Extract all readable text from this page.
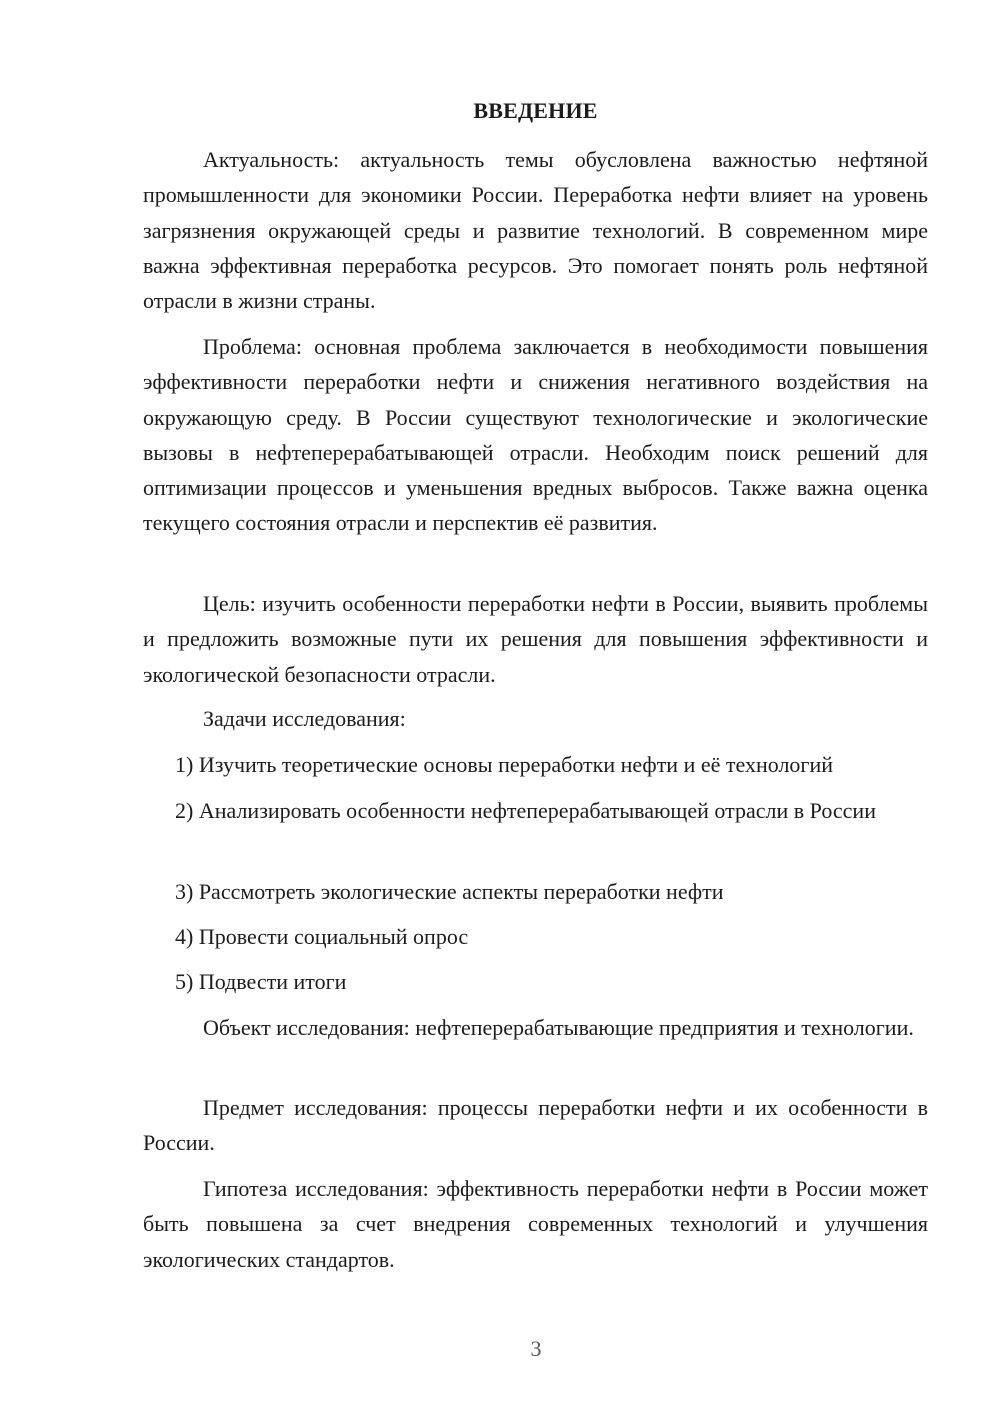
ВВЕДЕНИЕ

Актуальность: актуальность темы обусловлена важностью нефтяной промышленности для экономики России. Переработка нефти влияет на уровень загрязнения окружающей среды и развитие технологий. В современном мире важна эффективная переработка ресурсов. Это помогает понять роль нефтяной отрасли в жизни страны.

Проблема: основная проблема заключается в необходимости повышения эффективности переработки нефти и снижения негативного воздействия на окружающую среду. В России существуют технологические и экологические вызовы в нефтеперерабатывающей отрасли. Необходим поиск решений для оптимизации процессов и уменьшения вредных выбросов. Также важна оценка текущего состояния отрасли и перспектив её развития.

Цель: изучить особенности переработки нефти в России, выявить проблемы и предложить возможные пути их решения для повышения эффективности и экологической безопасности отрасли.

Задачи исследования:

1) Изучить теоретические основы переработки нефти и её технологий

2) Анализировать особенности нефтеперерабатывающей отрасли в России

3) Рассмотреть экологические аспекты переработки нефти

4) Провести социальный опрос

5) Подвести итоги

Объект исследования: нефтеперерабатывающие предприятия и технологии.

Предмет исследования: процессы переработки нефти и их особенности в России.

Гипотеза исследования: эффективность переработки нефти в России может быть повышена за счет внедрения современных технологий и улучшения экологических стандартов.

3
